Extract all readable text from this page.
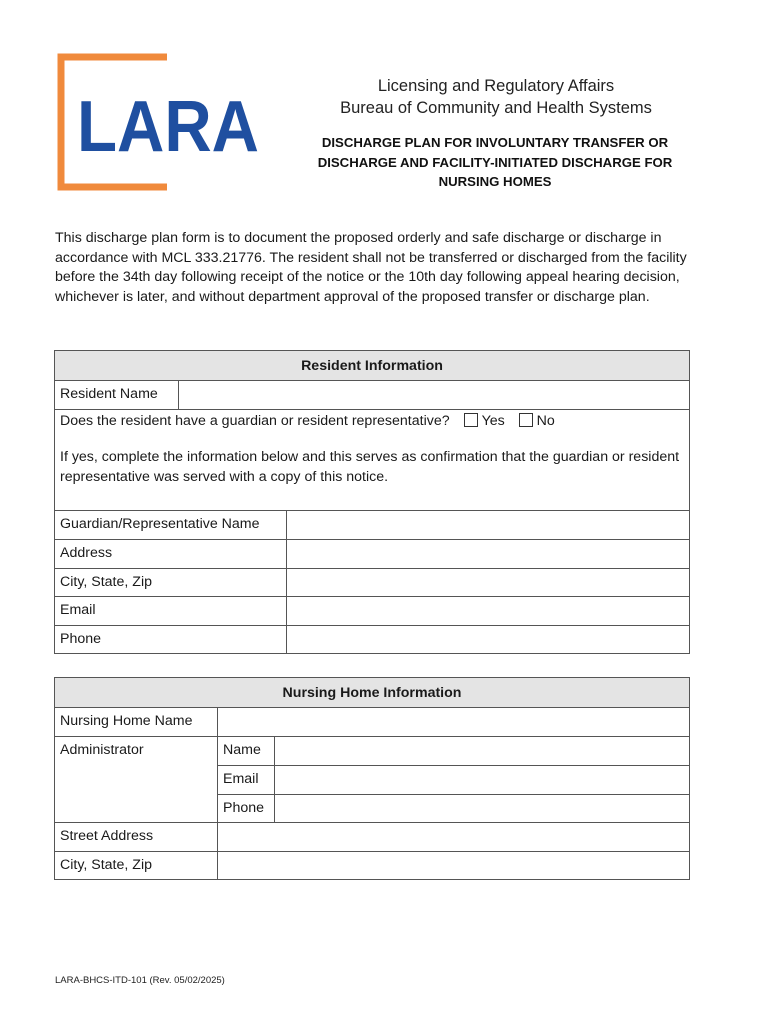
LARA
Licensing and Regulatory Affairs
Bureau of Community and Health Systems
DISCHARGE PLAN FOR INVOLUNTARY TRANSFER OR
DISCHARGE AND FACILITY-INITIATED DISCHARGE FOR
NURSING HOMES
This discharge plan form is to document the proposed orderly and safe discharge or discharge in accordance with MCL 333.21776. The resident shall not be transferred or discharged from the facility before the 34th day following receipt of the notice or the 10th day following appeal hearing decision, whichever is later, and without department approval of the proposed transfer or discharge plan.
Resident Information		
Resident Name		

Does the resident have a guardian or resident representative? Yes No

If yes, complete the information below and this serves as confirmation that the guardian or resident representative was served with a copy of this notice.		

Guardian/Representative Name		
Address		
City, State, Zip		
Email		
Phone		
Nursing Home Information		
Nursing Home Name		
Administrator	Name	
	Email	
	Phone	
Street Address		
City, State, Zip		
LARA-BHCS-ITD-101 (Rev. 05/02/2025)
